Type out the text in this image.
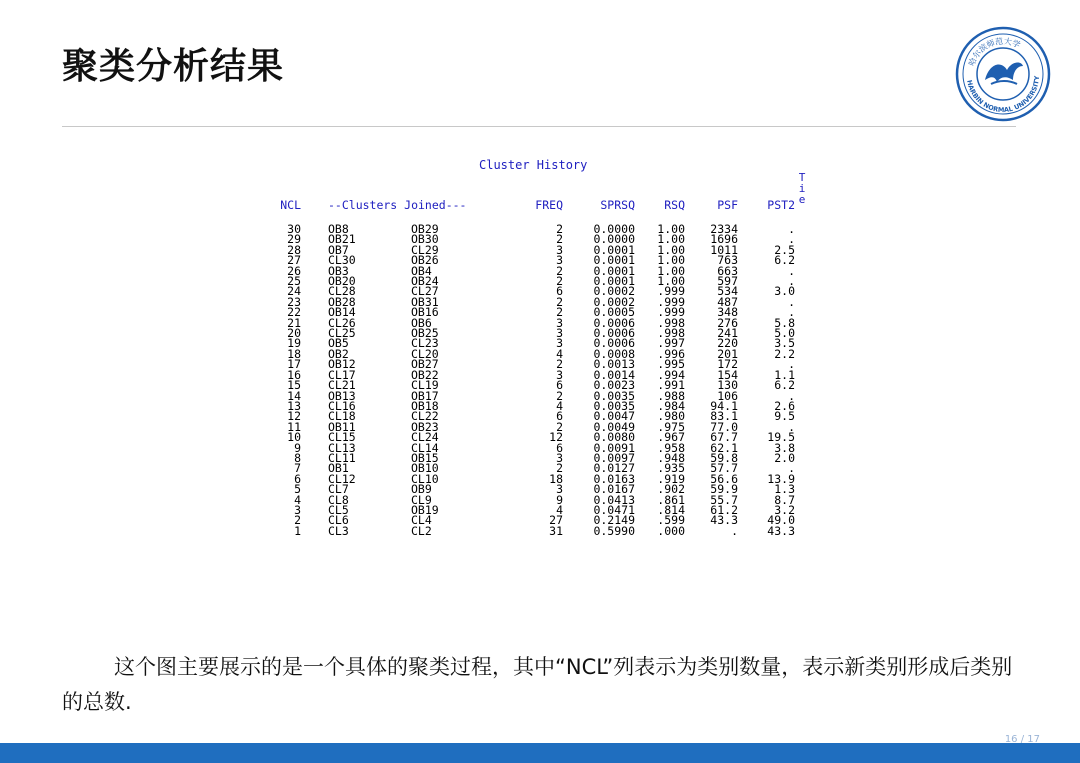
聚类分析结果	哈尔滨师范大学
HARBIN NORMAL UNIVERSITY
Cluster History
Tie
NCL	--Clusters Joined---		FREQ	SPRSQ	RSQ	PSF	PST2

30	OB8	OB29	2	0.0000	1.00	2334	.
29	OB21	OB30	2	0.0000	1.00	1696	.
28	OB7	CL29	3	0.0001	1.00	1011	2.5
27	CL30	OB26	3	0.0001	1.00	763	6.2
26	OB3	OB4	2	0.0001	1.00	663	.
25	OB20	OB24	2	0.0001	1.00	597	.
24	CL28	CL27	6	0.0002	.999	534	3.0
23	OB28	OB31	2	0.0002	.999	487	.
22	OB14	OB16	2	0.0005	.999	348	.
21	CL26	OB6	3	0.0006	.998	276	5.8
20	CL25	OB25	3	0.0006	.998	241	5.0
19	OB5	CL23	3	0.0006	.997	220	3.5
18	OB2	CL20	4	0.0008	.996	201	2.2
17	OB12	OB27	2	0.0013	.995	172	.
16	CL17	OB22	3	0.0014	.994	154	1.1
15	CL21	CL19	6	0.0023	.991	130	6.2
14	OB13	OB17	2	0.0035	.988	106	.
13	CL16	OB18	4	0.0035	.984	94.1	2.6
12	CL18	CL22	6	0.0047	.980	83.1	9.5
11	OB11	OB23	2	0.0049	.975	77.0	.
10	CL15	CL24	12	0.0080	.967	67.7	19.5
9	CL13	CL14	6	0.0091	.958	62.1	3.8
8	CL11	OB15	3	0.0097	.948	59.8	2.0
7	OB1	OB10	2	0.0127	.935	57.7	.
6	CL12	CL10	18	0.0163	.919	56.6	13.9
5	CL7	OB9	3	0.0167	.902	59.9	1.3
4	CL8	CL9	9	0.0413	.861	55.7	8.7
3	CL5	OB19	4	0.0471	.814	61.2	3.2
2	CL6	CL4	27	0.2149	.599	43.3	49.0
1	CL3	CL2	31	0.5990	.000	.	43.3
这个图主要展示的是一个具体的聚类过程，其中“NCL”列表示为类别数量，表示新类别形成后类别的总数.
16 / 17
